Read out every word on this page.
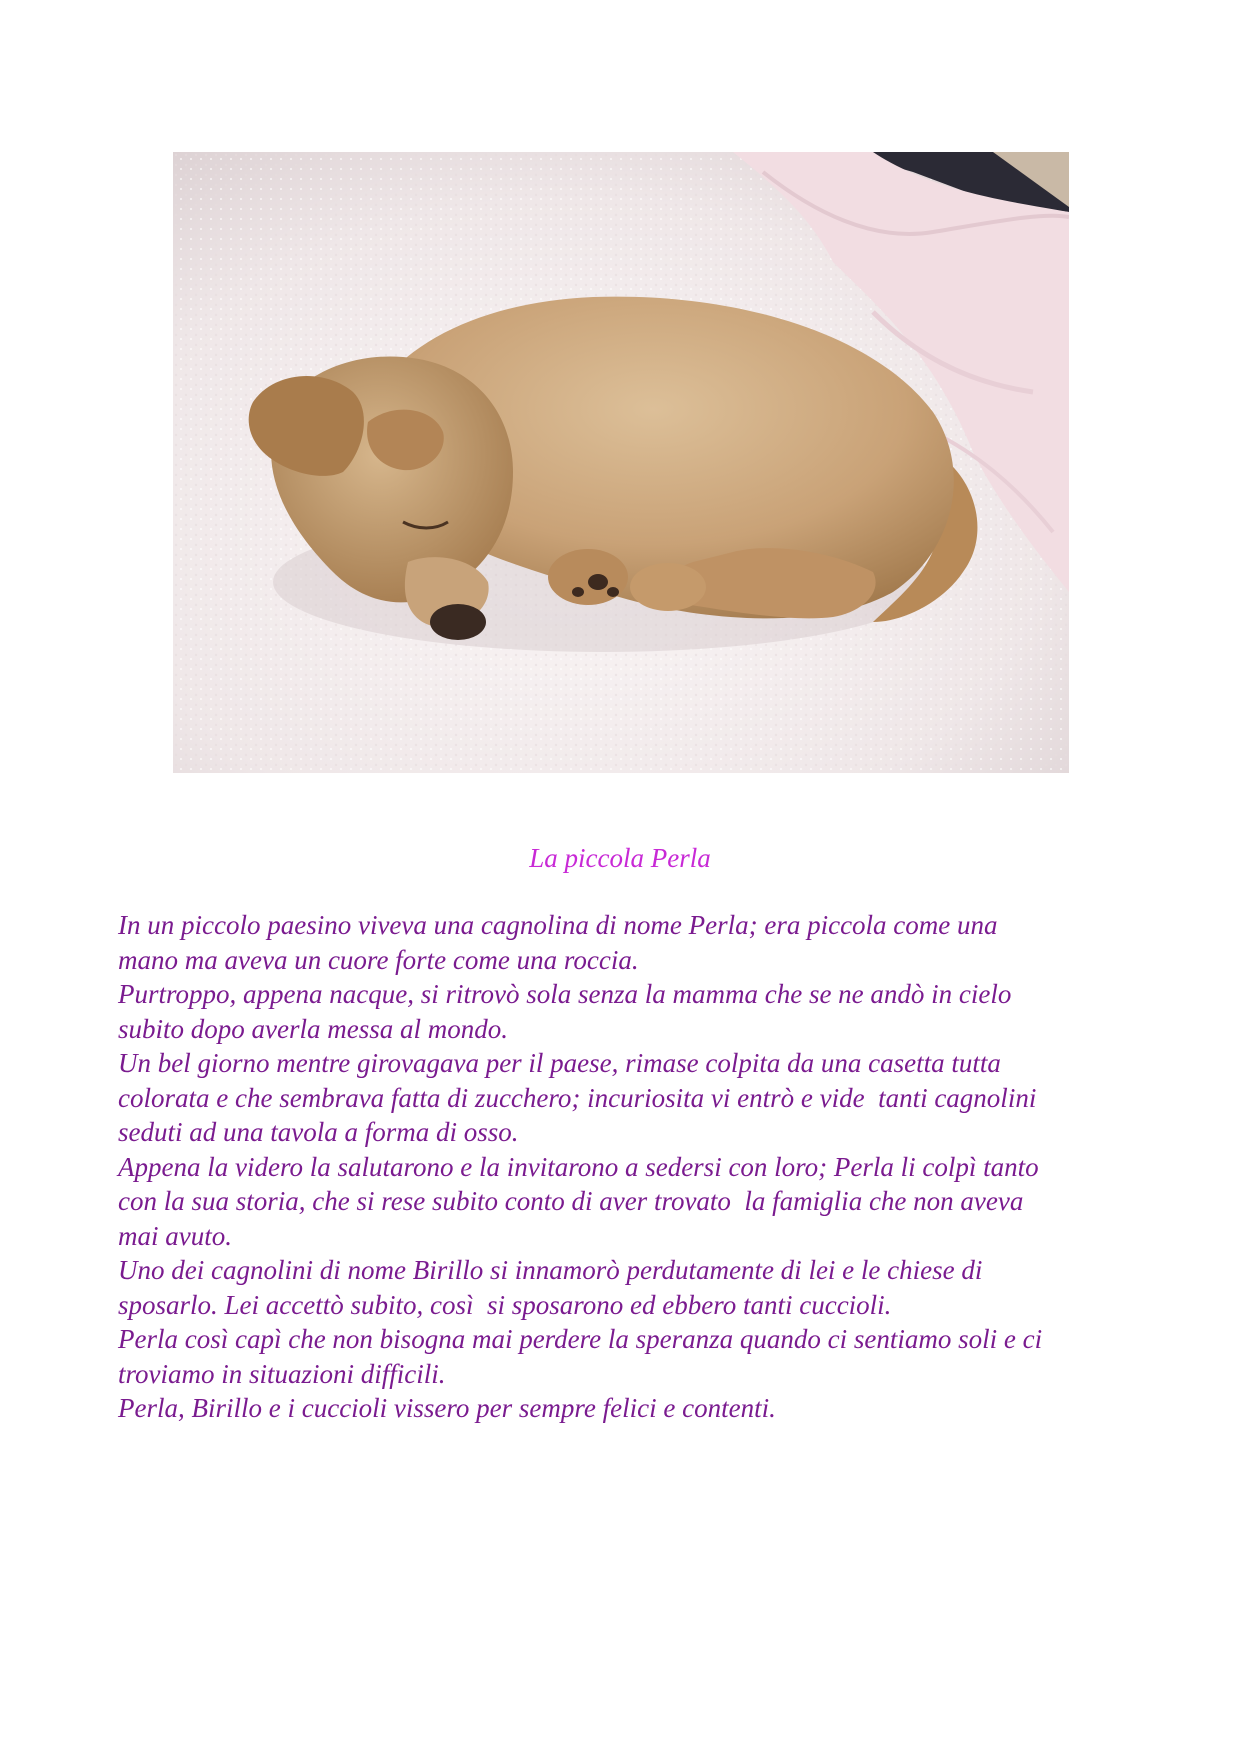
La piccola Perla
In un piccolo paesino viveva una cagnolina di nome Perla; era piccola come una
mano ma aveva un cuore forte come una roccia.
Purtroppo, appena nacque, si ritrovò sola senza la mamma che se ne andò in cielo
subito dopo averla messa al mondo.
Un bel giorno mentre girovagava per il paese, rimase colpita da una casetta tutta
colorata e che sembrava fatta di zucchero; incuriosita vi entrò e vide  tanti cagnolini
seduti ad una tavola a forma di osso.
Appena la videro la salutarono e la invitarono a sedersi con loro; Perla li colpì tanto
con la sua storia, che si rese subito conto di aver trovato  la famiglia che non aveva
mai avuto.
Uno dei cagnolini di nome Birillo si innamorò perdutamente di lei e le chiese di
sposarlo. Lei accettò subito, così  si sposarono ed ebbero tanti cuccioli.
Perla così capì che non bisogna mai perdere la speranza quando ci sentiamo soli e ci
troviamo in situazioni difficili.
Perla, Birillo e i cuccioli vissero per sempre felici e contenti.
